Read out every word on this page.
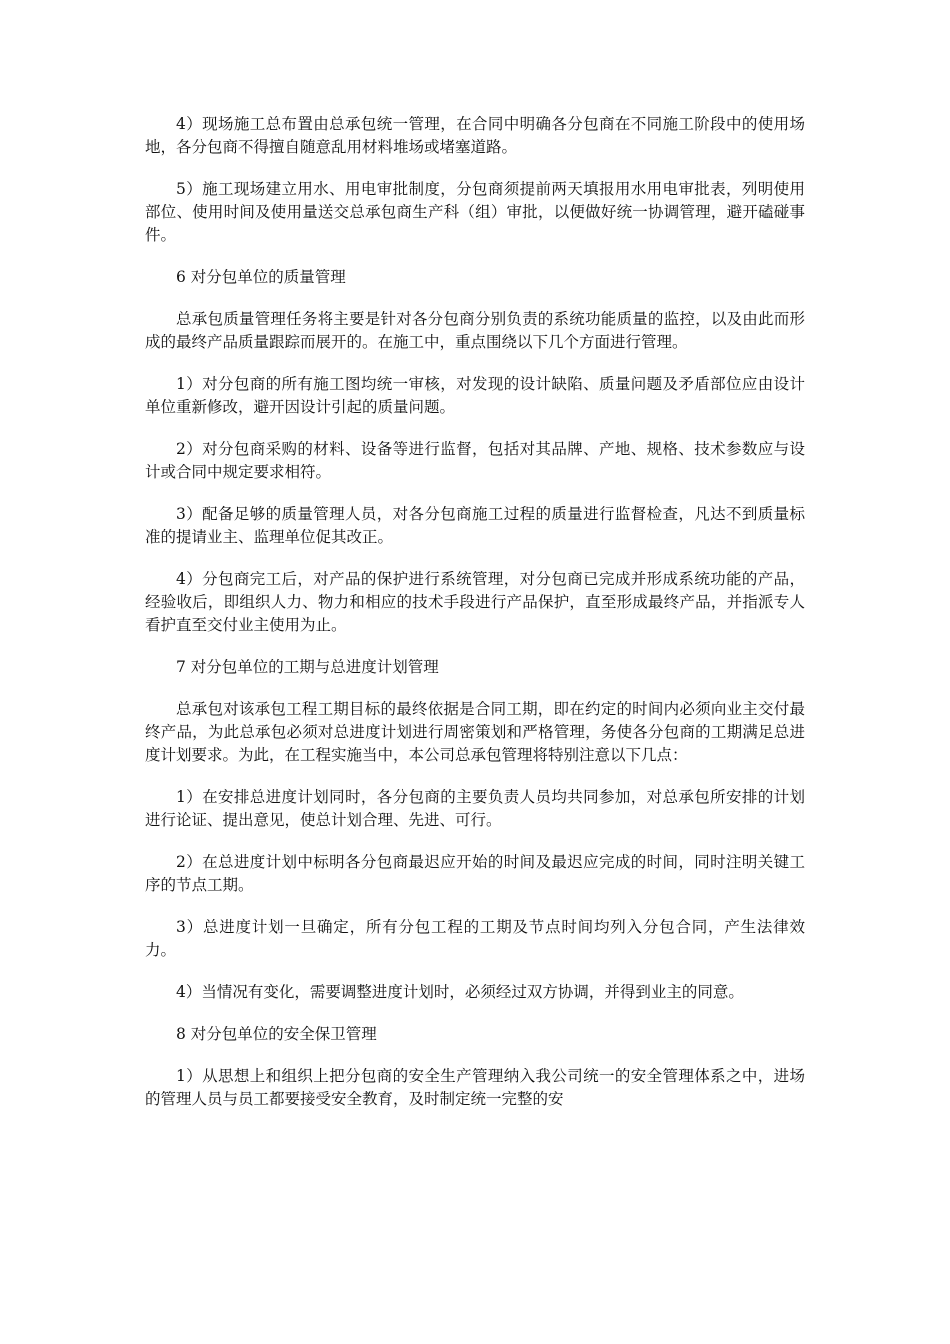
4）现场施工总布置由总承包统一管理，在合同中明确各分包商在不同施工阶段中的使用场地，各分包商不得擅自随意乱用材料堆场或堵塞道路。

5）施工现场建立用水、用电审批制度，分包商须提前两天填报用水用电审批表，列明使用部位、使用时间及使用量送交总承包商生产科（组）审批，以便做好统一协调管理，避开磕碰事件。

6 对分包单位的质量管理

总承包质量管理任务将主要是针对各分包商分别负责的系统功能质量的监控，以及由此而形成的最终产品质量跟踪而展开的。在施工中，重点围绕以下几个方面进行管理。

1）对分包商的所有施工图均统一审核，对发现的设计缺陷、质量问题及矛盾部位应由设计单位重新修改，避开因设计引起的质量问题。

2）对分包商采购的材料、设备等进行监督，包括对其品牌、产地、规格、技术参数应与设计或合同中规定要求相符。

3）配备足够的质量管理人员，对各分包商施工过程的质量进行监督检查，凡达不到质量标准的提请业主、监理单位促其改正。

4）分包商完工后，对产品的保护进行系统管理，对分包商已完成并形成系统功能的产品，经验收后，即组织人力、物力和相应的技术手段进行产品保护，直至形成最终产品，并指派专人看护直至交付业主使用为止。

7 对分包单位的工期与总进度计划管理

总承包对该承包工程工期目标的最终依据是合同工期，即在约定的时间内必须向业主交付最终产品，为此总承包必须对总进度计划进行周密策划和严格管理，务使各分包商的工期满足总进度计划要求。为此，在工程实施当中，本公司总承包管理将特别注意以下几点：

1）在安排总进度计划同时，各分包商的主要负责人员均共同参加，对总承包所安排的计划进行论证、提出意见，使总计划合理、先进、可行。

2）在总进度计划中标明各分包商最迟应开始的时间及最迟应完成的时间，同时注明关键工序的节点工期。

3）总进度计划一旦确定，所有分包工程的工期及节点时间均列入分包合同，产生法律效力。

4）当情况有变化，需要调整进度计划时，必须经过双方协调，并得到业主的同意。

8 对分包单位的安全保卫管理

1）从思想上和组织上把分包商的安全生产管理纳入我公司统一的安全管理体系之中，进场的管理人员与员工都要接受安全教育，及时制定统一完整的安
